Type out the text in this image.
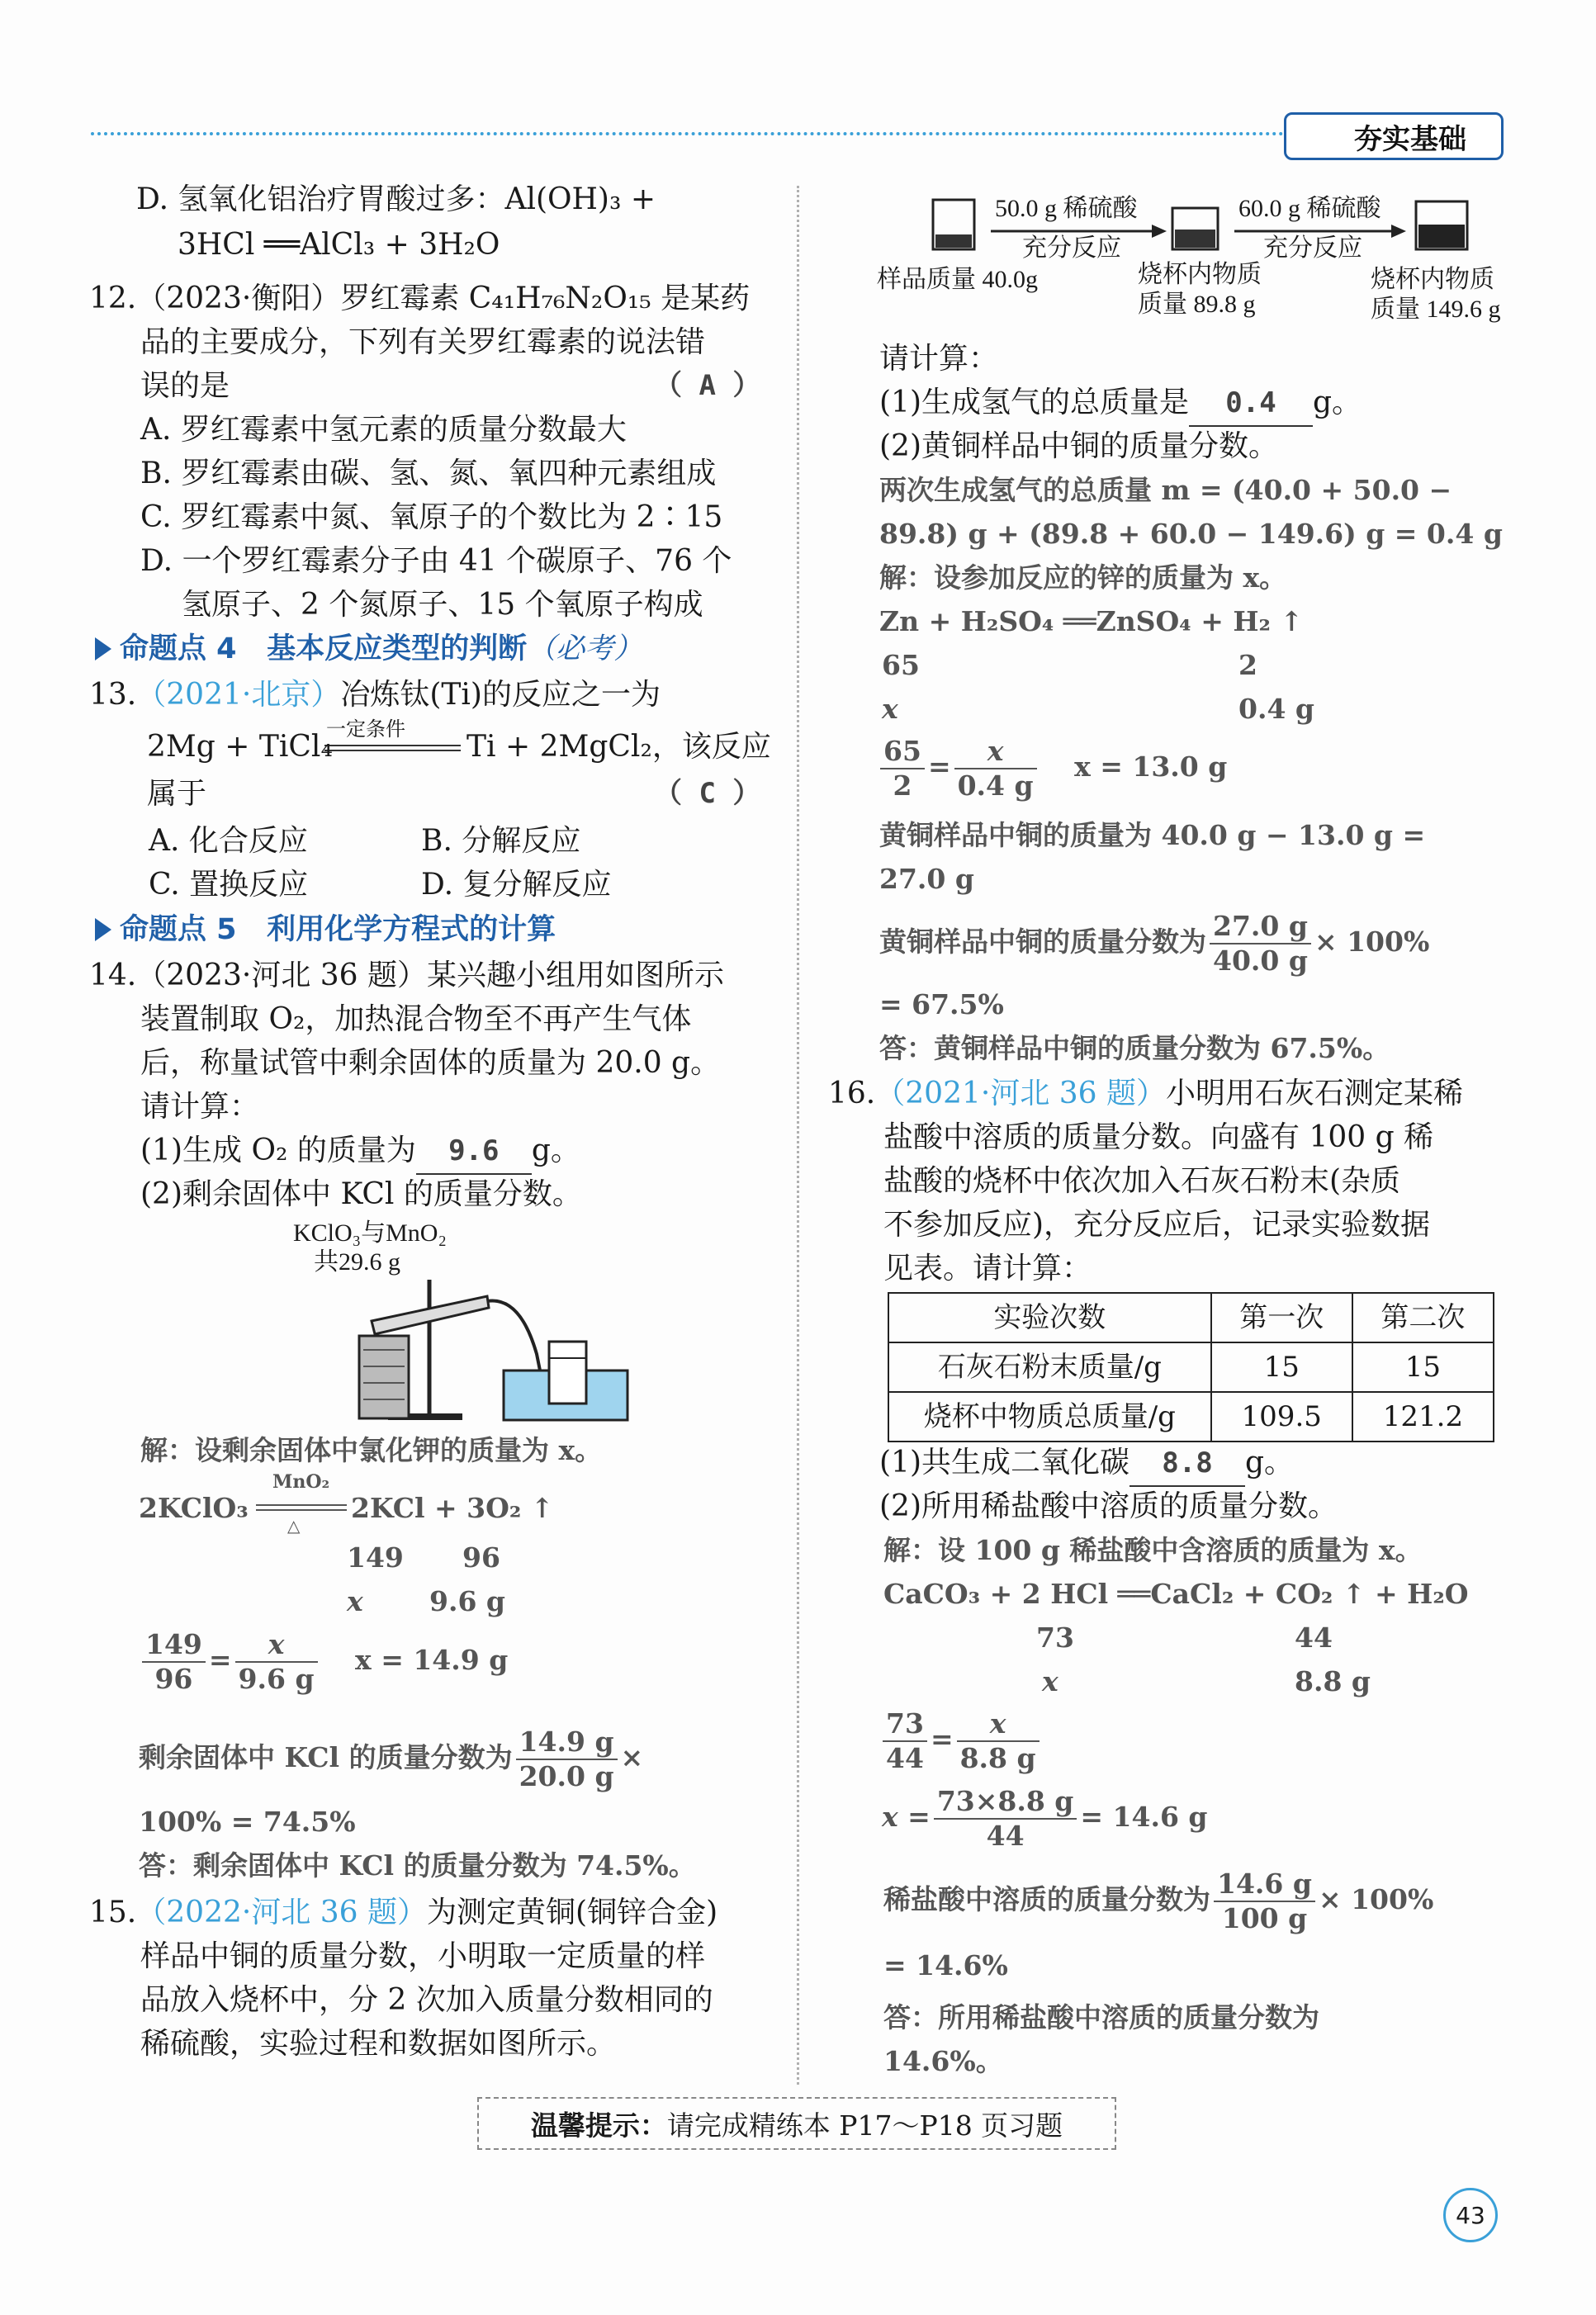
夯实基础
D. 氢氧化铝治疗胃酸过多：Al(OH)₃ +
3HCl ══AlCl₃ + 3H₂O
12.（2023·衡阳）罗红霉素 C₄₁H₇₆N₂O₁₅ 是某药
品的主要成分，下列有关罗红霉素的说法错
误的是	（ A ）
A. 罗红霉素中氢元素的质量分数最大
B. 罗红霉素由碳、氢、氮、氧四种元素组成
C. 罗红霉素中氮、氧原子的个数比为 2∶15
D. 一个罗红霉素分子由 41 个碳原子、76 个
氢原子、2 个氮原子、15 个氧原子构成
命题点 4 基本反应类型的判断（必考）
13.（2021·北京）冶炼钛(Ti)的反应之一为
一定条件
2Mg + TiCl₄	Ti + 2MgCl₂，该反应
属于	（ C ）
A. 化合反应	B. 分解反应
C. 置换反应	D. 复分解反应
命题点 5 利用化学方程式的计算
14.（2023·河北 36 题）某兴趣小组用如图所示
装置制取 O₂，加热混合物至不再产生气体
后，称量试管中剩余固体的质量为 20.0 g。
请计算：
(1)生成 O₂ 的质量为 9.6 g。
(2)剩余固体中 KCl 的质量分数。
KClO₃与MnO₂
共29.6 g
解：设剩余固体中氯化钾的质量为 x。
MnO₂
2KClO₃
△
2KCl + 3O₂ ↑
149 96
x 9.6 g
$\frac{149}{96} = \frac{x}{9.6 g}$ x = 14.9 g
剩余固体中 KCl 的质量分数为 $\frac{14.9 g}{20.0 g}$ ×
100% = 74.5%
答：剩余固体中 KCl 的质量分数为 74.5%。
15.（2022·河北 36 题）为测定黄铜(铜锌合金)
样品中铜的质量分数，小明取一定质量的样
品放入烧杯中，分 2 次加入质量分数相同的
稀硫酸，实验过程和数据如图所示。
50.0 g 稀硫酸
充分反应
60.0 g 稀硫酸
充分反应
样品质量 40.0g	烧杯内物质
质量 89.8 g
烧杯内物质
质量 149.6 g
请计算：
(1)生成氢气的总质量是 0.4 g。
(2)黄铜样品中铜的质量分数。
两次生成氢气的总质量 m = (40.0 + 50.0 −
89.8) g + (89.8 + 60.0 − 149.6) g = 0.4 g
解：设参加反应的锌的质量为 x。
Zn + H₂SO₄ ══ZnSO₄ + H₂ ↑
65	2
x	0.4 g
$\frac{65}{2} = \frac{x}{0.4 g}$ x = 13.0 g
黄铜样品中铜的质量为 40.0 g − 13.0 g =
27.0 g
黄铜样品中铜的质量分数为 $\frac{27.0 g}{40.0 g} \times 100\%$
= 67.5%
答：黄铜样品中铜的质量分数为 67.5%。
16.（2021·河北 36 题）小明用石灰石测定某稀
盐酸中溶质的质量分数。向盛有 100 g 稀
盐酸的烧杯中依次加入石灰石粉末(杂质
不参加反应)，充分反应后，记录实验数据
见表。请计算：
实验次数	第一次	第二次
石灰石粉末质量/g	15	15
烧杯中物质总质量/g	109.5	121.2
(1)共生成二氧化碳 8.8 g。
(2)所用稀盐酸中溶质的质量分数。
解：设 100 g 稀盐酸中含溶质的质量为 x。
CaCO₃ + 2 HCl ══CaCl₂ + CO₂ ↑ + H₂O
73	44
x	8.8 g
$\frac{73}{44} = \frac{x}{8.8 g}$
$x = \frac{73\times 8.8 g}{44} = 14.6$ g
稀盐酸中溶质的质量分数为 $\frac{14.6 g}{100 g} \times 100\%$
= 14.6%
答：所用稀盐酸中溶质的质量分数为
14.6%。
温馨提示： 请完成精练本 P17～P18 页习题
43
